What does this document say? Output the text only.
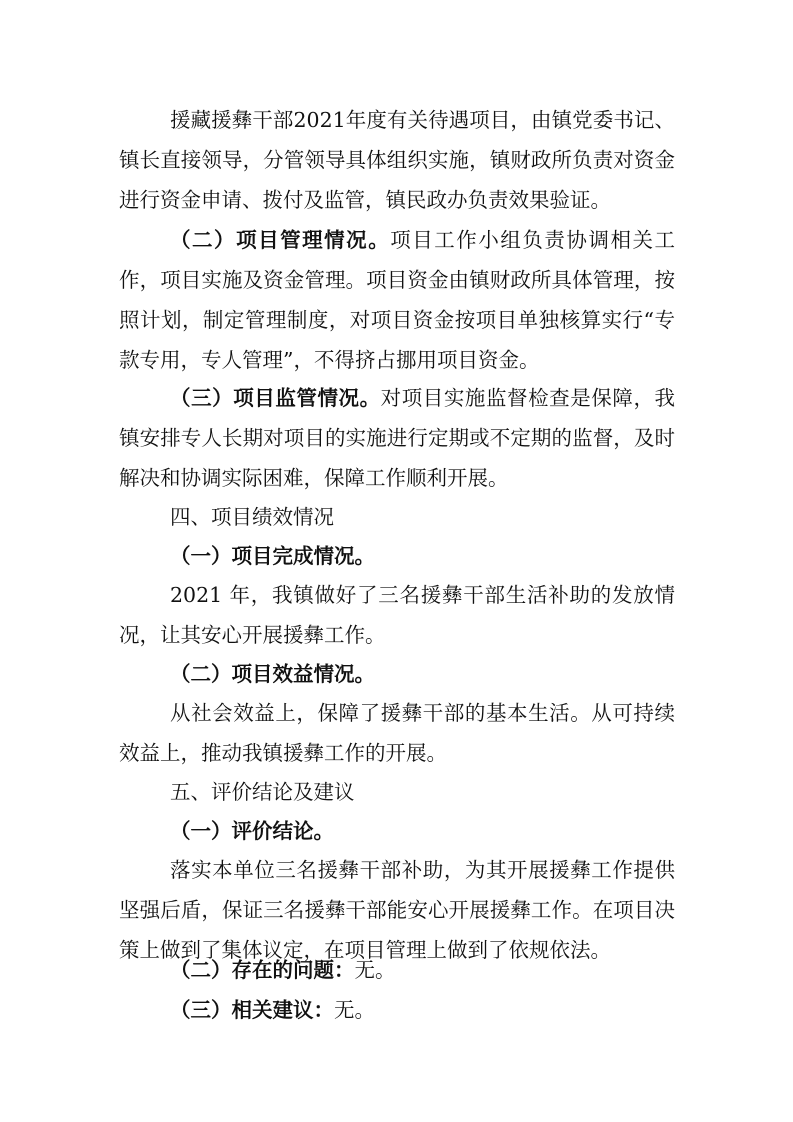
援藏援彝干部2021年度有关待遇项目，由镇党委书记、镇长直接领导，分管领导具体组织实施，镇财政所负责对资金进行资金申请、拨付及监管，镇民政办负责效果验证。

（二）项目管理情况。项目工作小组负责协调相关工作，项目实施及资金管理。项目资金由镇财政所具体管理，按照计划，制定管理制度，对项目资金按项目单独核算实行“专款专用，专人管理”，不得挤占挪用项目资金。

（三）项目监管情况。对项目实施监督检查是保障，我镇安排专人长期对项目的实施进行定期或不定期的监督，及时解决和协调实际困难，保障工作顺利开展。

四、项目绩效情况

（一）项目完成情况。

2021 年，我镇做好了三名援彝干部生活补助的发放情况，让其安心开展援彝工作。

（二）项目效益情况。

从社会效益上，保障了援彝干部的基本生活。从可持续效益上，推动我镇援彝工作的开展。

五、评价结论及建议

（一）评价结论。

落实本单位三名援彝干部补助，为其开展援彝工作提供坚强后盾，保证三名援彝干部能安心开展援彝工作。在项目决策上做到了集体议定，在项目管理上做到了依规依法。

（二）存在的问题：无。

（三）相关建议：无。
